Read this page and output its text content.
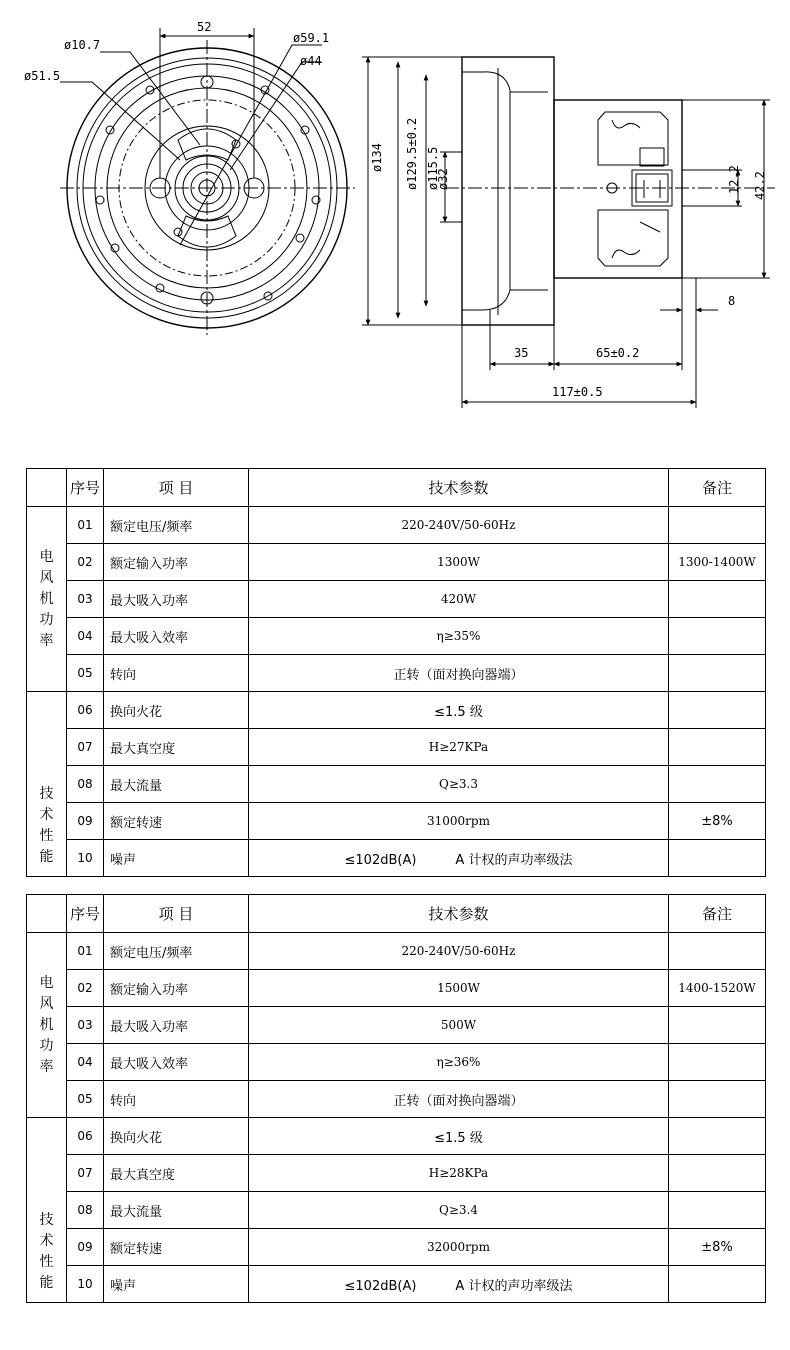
52
ø10.7
ø51.5
ø59.1
ø44
ø134 ø129.5±0.2 ø115.5
ø32	12.2 42.2
8
35	65±0.2
117±0.5
	序号	项 目	技术参数	备注

电
风
机
功
率	01	额定电压/频率	220-240V/50-60Hz	
	02	额定输入功率	1300W	1300-1400W
	03	最大吸入功率	420W	
	04	最大吸入效率	η≥35%	
	05	转向	正转（面对换向器端）	

技
术
性
能	06	换向火花	≤1.5 级	
	07	最大真空度	H≥27KPa	
	08	最大流量	Q≥3.3	
	09	额定转速	31000rpm	±8%
	10	噪声	≤102dB(A)　　　A 计权的声功率级法	
	序号	项 目	技术参数	备注

电
风
机
功
率	01	额定电压/频率	220-240V/50-60Hz	
	02	额定输入功率	1500W	1400-1520W
	03	最大吸入功率	500W	
	04	最大吸入效率	η≥36%	
	05	转向	正转（面对换向器端）	

技
术
性
能	06	换向火花	≤1.5 级	
	07	最大真空度	H≥28KPa	
	08	最大流量	Q≥3.4	
	09	额定转速	32000rpm	±8%
	10	噪声	≤102dB(A)　　　A 计权的声功率级法	
